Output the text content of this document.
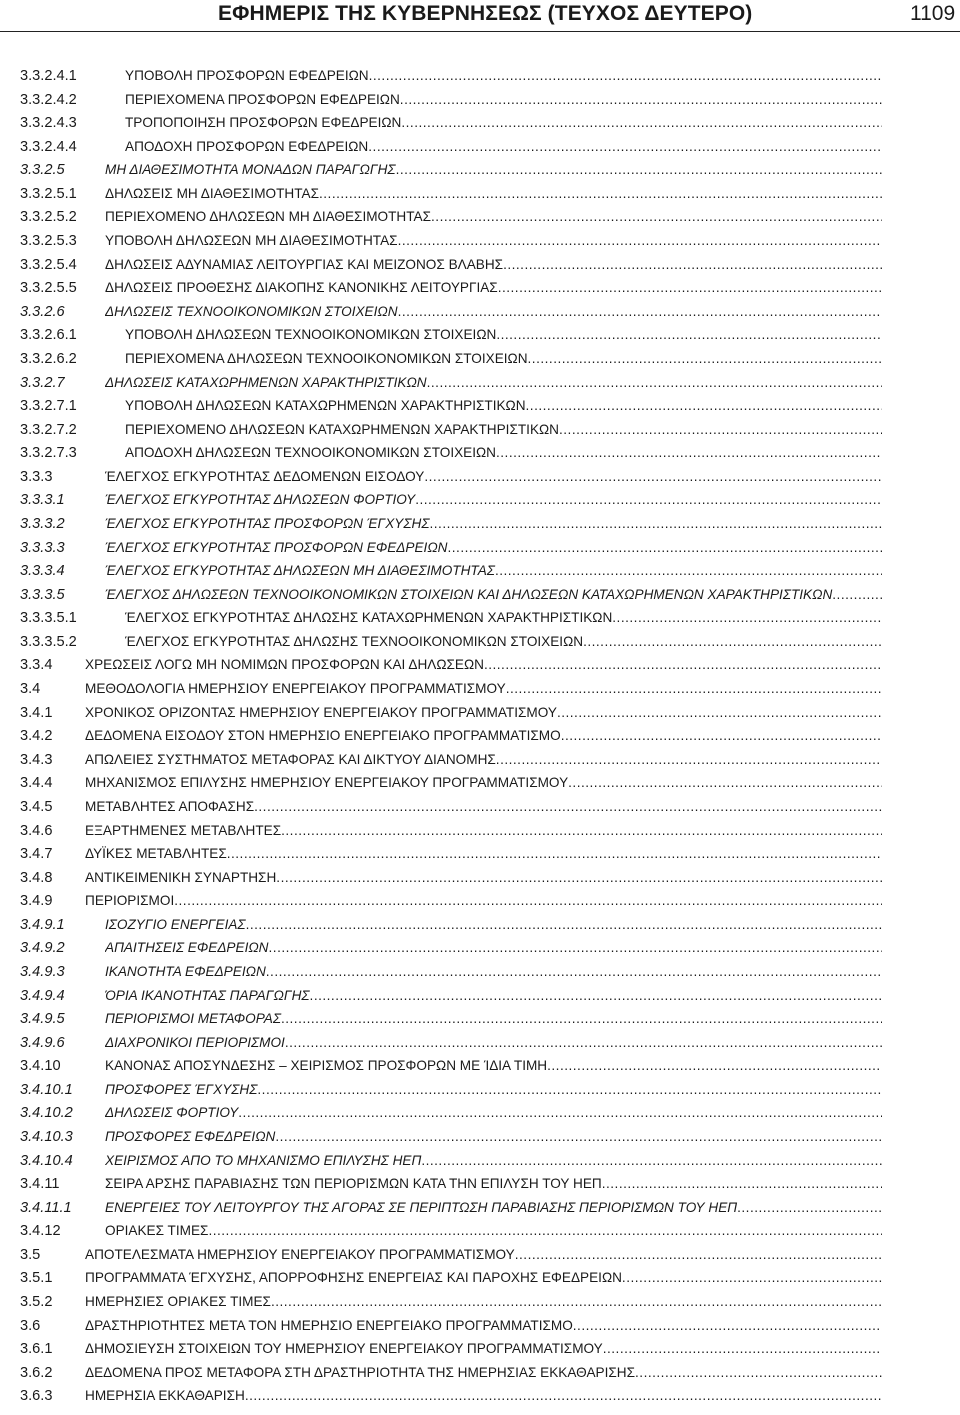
ΕΦΗΜΕΡΙΣ ΤΗΣ ΚΥΒΕΡΝΗΣΕΩΣ (ΤΕΥΧΟΣ ΔΕΥΤΕΡΟ)	1109
3.3.2.4.1	ΥΠΟΒΟΛΗ ΠΡΟΣΦΟΡΩΝ ΕΦΕΔΡΕΙΩΝ
.....
3.3.2.4.2	ΠΕΡΙΕΧΟΜΕΝΑ ΠΡΟΣΦΟΡΩΝ ΕΦΕΔΡΕΙΩΝ
.....
3.3.2.4.3	ΤΡΟΠΟΠΟΙΗΣΗ ΠΡΟΣΦΟΡΩΝ ΕΦΕΔΡΕΙΩΝ
.....
3.3.2.4.4	ΑΠΟΔΟΧΗ ΠΡΟΣΦΟΡΩΝ ΕΦΕΔΡΕΙΩΝ
.....
3.3.2.5	ΜΗ ΔΙΑΘΕΣΙΜΟΤΗΤΑ ΜΟΝΑΔΩΝ ΠΑΡΑΓΩΓΗΣ
.....
3.3.2.5.1 ΔΗΛΩΣΕΙΣ ΜΗ ΔΙΑΘΕΣΙΜΟΤΗΤΑΣ
.....
3.3.2.5.2 ΠΕΡΙΕΧΟΜΕΝΟ ΔΗΛΩΣΕΩΝ ΜΗ ΔΙΑΘΕΣΙΜΟΤΗΤΑΣ
.....
3.3.2.5.3 ΥΠΟΒΟΛΗ ΔΗΛΩΣΕΩΝ ΜΗ ΔΙΑΘΕΣΙΜΟΤΗΤΑΣ
.....
3.3.2.5.4 ΔΗΛΩΣΕΙΣ ΑΔΥΝΑΜΙΑΣ ΛΕΙΤΟΥΡΓΙΑΣ ΚΑΙ ΜΕΙΖΟΝΟΣ ΒΛΑΒΗΣ
.....
3.3.2.5.5 ΔΗΛΩΣΕΙΣ ΠΡΟΘΕΣΗΣ ΔΙΑΚΟΠΗΣ ΚΑΝΟΝΙΚΗΣ ΛΕΙΤΟΥΡΓΙΑΣ
.....
3.3.2.6	ΔΗΛΩΣΕΙΣ ΤΕΧΝΟΟΙΚΟΝΟΜΙΚΩΝ ΣΤΟΙΧΕΙΩΝ
.....
3.3.2.6.1	ΥΠΟΒΟΛΗ ΔΗΛΩΣΕΩΝ ΤΕΧΝΟΟΙΚΟΝΟΜΙΚΩΝ ΣΤΟΙΧΕΙΩΝ
.....
3.3.2.6.2	ΠΕΡΙΕΧΟΜΕΝΑ ΔΗΛΩΣΕΩΝ ΤΕΧΝΟΟΙΚΟΝΟΜΙΚΩΝ ΣΤΟΙΧΕΙΩΝ
.....
3.3.2.7	ΔΗΛΩΣΕΙΣ ΚΑΤΑΧΩΡΗΜΕΝΩΝ ΧΑΡΑΚΤΗΡΙΣΤΙΚΩΝ
.....
3.3.2.7.1	ΥΠΟΒΟΛΗ ΔΗΛΩΣΕΩΝ ΚΑΤΑΧΩΡΗΜΕΝΩΝ ΧΑΡΑΚΤΗΡΙΣΤΙΚΩΝ
.....
3.3.2.7.2	ΠΕΡΙΕΧΟΜΕΝΟ ΔΗΛΩΣΕΩΝ ΚΑΤΑΧΩΡΗΜΕΝΩΝ ΧΑΡΑΚΤΗΡΙΣΤΙΚΩΝ
.....
3.3.2.7.3	ΑΠΟΔΟΧΗ ΔΗΛΩΣΕΩΝ ΤΕΧΝΟΟΙΚΟΝΟΜΙΚΩΝ ΣΤΟΙΧΕΙΩΝ
.....
3.3.3	ΈΛΕΓΧΟΣ ΕΓΚΥΡΟΤΗΤΑΣ ΔΕΔΟΜΕΝΩΝ ΕΙΣΟΔΟΥ
.....
3.3.3.1	ΈΛΕΓΧΟΣ ΕΓΚΥΡΟΤΗΤΑΣ ΔΗΛΩΣΕΩΝ ΦΟΡΤΙΟΥ
.....
3.3.3.2	ΈΛΕΓΧΟΣ ΕΓΚΥΡΟΤΗΤΑΣ ΠΡΟΣΦΟΡΩΝ ΈΓΧΥΣΗΣ
.....
3.3.3.3	ΈΛΕΓΧΟΣ ΕΓΚΥΡΟΤΗΤΑΣ ΠΡΟΣΦΟΡΩΝ ΕΦΕΔΡΕΙΩΝ
.....
3.3.3.4	ΈΛΕΓΧΟΣ ΕΓΚΥΡΟΤΗΤΑΣ ΔΗΛΩΣΕΩΝ ΜΗ ΔΙΑΘΕΣΙΜΟΤΗΤΑΣ
.....
3.3.3.5	ΈΛΕΓΧΟΣ ΔΗΛΩΣΕΩΝ ΤΕΧΝΟΟΙΚΟΝΟΜΙΚΩΝ ΣΤΟΙΧΕΙΩΝ ΚΑΙ ΔΗΛΩΣΕΩΝ ΚΑΤΑΧΩΡΗΜΕΝΩΝ ΧΑΡΑΚΤΗΡΙΣΤΙΚΩΝ
.....
3.3.3.5.1	ΈΛΕΓΧΟΣ ΕΓΚΥΡΟΤΗΤΑΣ ΔΗΛΩΣΗΣ ΚΑΤΑΧΩΡΗΜΕΝΩΝ ΧΑΡΑΚΤΗΡΙΣΤΙΚΩΝ
.....
3.3.3.5.2	ΈΛΕΓΧΟΣ ΕΓΚΥΡΟΤΗΤΑΣ ΔΗΛΩΣΗΣ ΤΕΧΝΟΟΙΚΟΝΟΜΙΚΩΝ ΣΤΟΙΧΕΙΩΝ
.....
3.3.4 ΧΡΕΩΣΕΙΣ ΛΟΓΩ ΜΗ ΝΟΜΙΜΩΝ ΠΡΟΣΦΟΡΩΝ ΚΑΙ ΔΗΛΩΣΕΩΝ
.....
3.4	ΜΕΘΟΔΟΛΟΓΙΑ ΗΜΕΡΗΣΙΟΥ ΕΝΕΡΓΕΙΑΚΟΥ ΠΡΟΓΡΑΜΜΑΤΙΣΜΟΥ
.....
3.4.1 ΧΡΟΝΙΚΟΣ ΟΡΙΖΟΝΤΑΣ ΗΜΕΡΗΣΙΟΥ ΕΝΕΡΓΕΙΑΚΟΥ ΠΡΟΓΡΑΜΜΑΤΙΣΜΟΥ
.....
3.4.2 ΔΕΔΟΜΕΝΑ ΕΙΣΟΔΟΥ ΣΤΟΝ ΗΜΕΡΗΣΙΟ ΕΝΕΡΓΕΙΑΚΟ ΠΡΟΓΡΑΜΜΑΤΙΣΜΟ
.....
3.4.3 ΑΠΩΛΕΙΕΣ ΣΥΣΤΗΜΑΤΟΣ ΜΕΤΑΦΟΡΑΣ ΚΑΙ ΔΙΚΤΥΟΥ ΔΙΑΝΟΜΗΣ
.....
3.4.4 ΜΗΧΑΝΙΣΜΟΣ ΕΠΙΛΥΣΗΣ ΗΜΕΡΗΣΙΟΥ ΕΝΕΡΓΕΙΑΚΟΥ ΠΡΟΓΡΑΜΜΑΤΙΣΜΟΥ
.....
3.4.5 ΜΕΤΑΒΛΗΤΕΣ ΑΠΟΦΑΣΗΣ
.....
3.4.6 ΕΞΑΡΤΗΜΕΝΕΣ ΜΕΤΑΒΛΗΤΕΣ
.....
3.4.7 ΔΥΪΚΕΣ ΜΕΤΑΒΛΗΤΕΣ
.....
3.4.8 ΑΝΤΙΚΕΙΜΕΝΙΚΗ ΣΥΝΑΡΤΗΣΗ
.....
3.4.9 ΠΕΡΙΟΡΙΣΜΟΙ
.....
3.4.9.1	ΙΣΟΖΥΓΙΟ ΕΝΕΡΓΕΙΑΣ
.....
3.4.9.2	ΑΠΑΙΤΗΣΕΙΣ ΕΦΕΔΡΕΙΩΝ
.....
3.4.9.3	ΙΚΑΝΟΤΗΤΑ ΕΦΕΔΡΕΙΩΝ
.....
3.4.9.4	ΌΡΙΑ ΙΚΑΝΟΤΗΤΑΣ ΠΑΡΑΓΩΓΗΣ
.....
3.4.9.5	ΠΕΡΙΟΡΙΣΜΟΙ ΜΕΤΑΦΟΡΑΣ
.....
3.4.9.6	ΔΙΑΧΡΟΝΙΚΟΙ ΠΕΡΙΟΡΙΣΜΟΙ
.....
3.4.10	ΚΑΝΟΝΑΣ ΑΠΟΣΥΝΔΕΣΗΣ – ΧΕΙΡΙΣΜΟΣ ΠΡΟΣΦΟΡΩΝ ΜΕ ΊΔΙΑ ΤΙΜΗ
.....
3.4.10.1 ΠΡΟΣΦΟΡΕΣ ΈΓΧΥΣΗΣ
.....
3.4.10.2 ΔΗΛΩΣΕΙΣ ΦΟΡΤΙΟΥ
.....
3.4.10.3 ΠΡΟΣΦΟΡΕΣ ΕΦΕΔΡΕΙΩΝ
.....
3.4.10.4 ΧΕΙΡΙΣΜΟΣ ΑΠΟ ΤΟ ΜΗΧΑΝΙΣΜΟ ΕΠΙΛΥΣΗΣ ΗΕΠ
.....
3.4.11	ΣΕΙΡΑ ΑΡΣΗΣ ΠΑΡΑΒΙΑΣΗΣ ΤΩΝ ΠΕΡΙΟΡΙΣΜΩΝ ΚΑΤΑ ΤΗΝ ΕΠΙΛΥΣΗ ΤΟΥ ΗΕΠ
.....
3.4.11.1 ΕΝΕΡΓΕΙΕΣ ΤΟΥ ΛΕΙΤΟΥΡΓΟΥ ΤΗΣ ΑΓΟΡΑΣ ΣΕ ΠΕΡΙΠΤΩΣΗ ΠΑΡΑΒΙΑΣΗΣ ΠΕΡΙΟΡΙΣΜΩΝ ΤΟΥ ΗΕΠ
.....
3.4.12	ΟΡΙΑΚΕΣ ΤΙΜΕΣ
.....
3.5	ΑΠΟΤΕΛΕΣΜΑΤΑ ΗΜΕΡΗΣΙΟΥ ΕΝΕΡΓΕΙΑΚΟΥ ΠΡΟΓΡΑΜΜΑΤΙΣΜΟΥ
.....
3.5.1 ΠΡΟΓΡΑΜΜΑΤΑ ΈΓΧΥΣΗΣ, ΑΠΟΡΡΟΦΗΣΗΣ ΕΝΕΡΓΕΙΑΣ ΚΑΙ ΠΑΡΟΧΗΣ ΕΦΕΔΡΕΙΩΝ
.....
3.5.2 ΗΜΕΡΗΣΙΕΣ ΟΡΙΑΚΕΣ ΤΙΜΕΣ
.....
3.6	ΔΡΑΣΤΗΡΙΟΤΗΤΕΣ ΜΕΤΑ ΤΟΝ ΗΜΕΡΗΣΙΟ ΕΝΕΡΓΕΙΑΚΟ ΠΡΟΓΡΑΜΜΑΤΙΣΜΟ
.....
3.6.1 ΔΗΜΟΣΙΕΥΣΗ ΣΤΟΙΧΕΙΩΝ ΤΟΥ ΗΜΕΡΗΣΙΟΥ ΕΝΕΡΓΕΙΑΚΟΥ ΠΡΟΓΡΑΜΜΑΤΙΣΜΟΥ
.....
3.6.2 ΔΕΔΟΜΕΝΑ ΠΡΟΣ ΜΕΤΑΦΟΡΑ ΣΤΗ ΔΡΑΣΤΗΡΙΟΤΗΤΑ ΤΗΣ ΗΜΕΡΗΣΙΑΣ ΕΚΚΑΘΑΡΙΣΗΣ
.....
3.6.3 ΗΜΕΡΗΣΙΑ ΕΚΚΑΘΑΡΙΣΗ
.....
